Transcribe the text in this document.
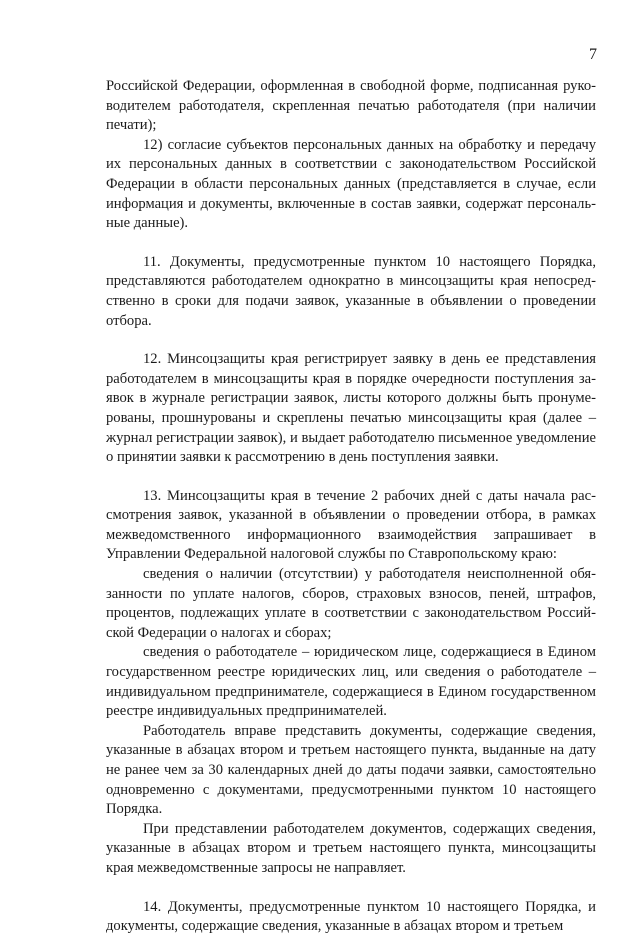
7

Российской Федерации, оформленная в свободной форме, подписанная руководителем работодателя, скрепленная печатью работодателя (при наличии печати);

12) согласие субъектов персональных данных на обработку и передачу их персональных данных в соответствии с законодательством Российской Федерации в области персональных данных (представляется в случае, если информация и документы, включенные в состав заявки, содержат персональные данные).

11. Документы, предусмотренные пунктом 10 настоящего Порядка, представляются работодателем однократно в минсоцзащиты края непосредственно в сроки для подачи заявок, указанные в объявлении о проведении отбора.

12. Минсоцзащиты края регистрирует заявку в день ее представления работодателем в минсоцзащиты края в порядке очередности поступления заявок в журнале регистрации заявок, листы которого должны быть пронумерованы, прошнурованы и скреплены печатью минсоцзащиты края (далее – журнал регистрации заявок), и выдает работодателю письменное уведомление о принятии заявки к рассмотрению в день поступления заявки.

13. Минсоцзащиты края в течение 2 рабочих дней с даты начала рассмотрения заявок, указанной в объявлении о проведении отбора, в рамках межведомственного информационного взаимодействия запрашивает в Управлении Федеральной налоговой службы по Ставропольскому краю:

сведения о наличии (отсутствии) у работодателя неисполненной обязанности по уплате налогов, сборов, страховых взносов, пеней, штрафов, процентов, подлежащих уплате в соответствии с законодательством Российской Федерации о налогах и сборах;

сведения о работодателе – юридическом лице, содержащиеся в Едином государственном реестре юридических лиц, или сведения о работодателе – индивидуальном предпринимателе, содержащиеся в Едином государственном реестре индивидуальных предпринимателей.

Работодатель вправе представить документы, содержащие сведения, указанные в абзацах втором и третьем настоящего пункта, выданные на дату не ранее чем за 30 календарных дней до даты подачи заявки, самостоятельно одновременно с документами, предусмотренными пунктом 10 настоящего Порядка.

При представлении работодателем документов, содержащих сведения, указанные в абзацах втором и третьем настоящего пункта, минсоцзащиты края межведомственные запросы не направляет.

14. Документы, предусмотренные пунктом 10 настоящего Порядка, и документы, содержащие сведения, указанные в абзацах втором и третьем
